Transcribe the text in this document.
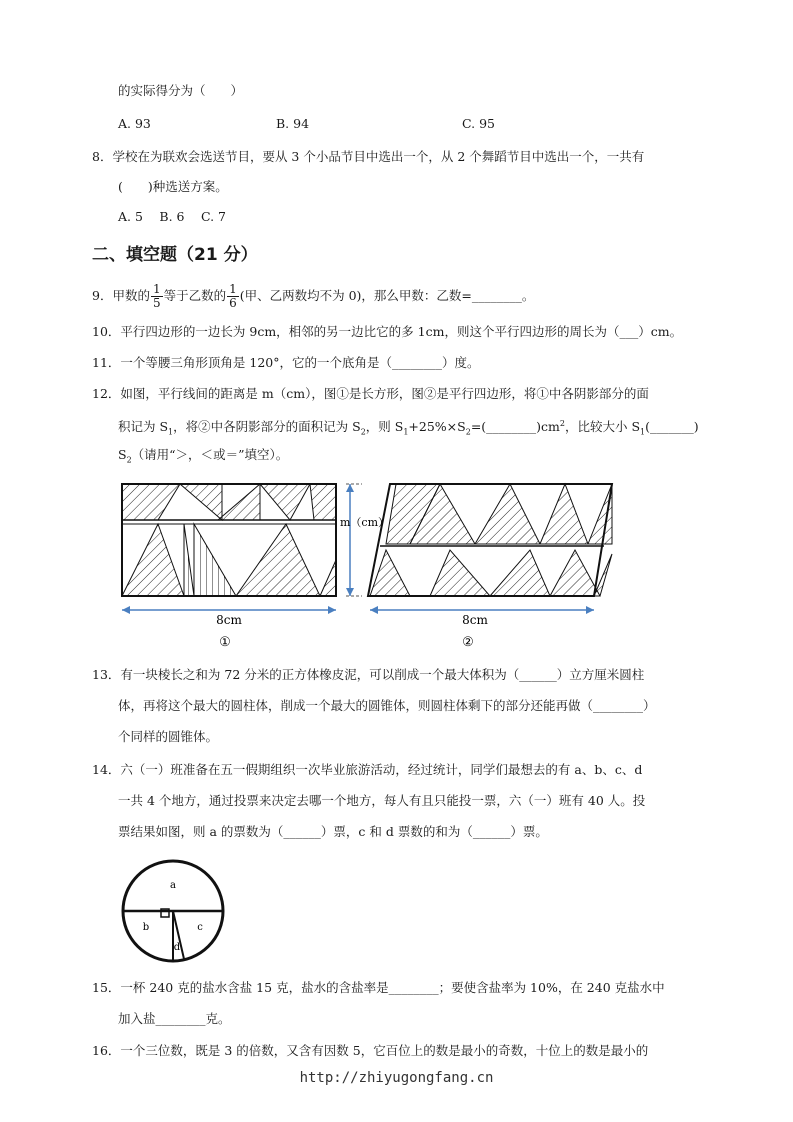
的实际得分为（　　）
A. 93	B. 94	C. 95
8．学校在为联欢会选送节目，要从 3 个小品节目中选出一个，从 2 个舞蹈节目中选出一个，一共有
(　　)种选送方案。
A. 5　 B. 6　 C. 7
二、填空题（21 分）
9．甲数的 $\frac{1}{5}$ 等于乙数的 $\frac{1}{6}$ (甲、乙两数均不为 0)，那么甲数：乙数=________。
10．平行四边形的一边长为 9cm，相邻的另一边比它的多 1cm，则这个平行四边形的周长为（___）cm。
11．一个等腰三角形顶角是 120°，它的一个底角是（________）度。
12．如图，平行线间的距离是 m（cm），图①是长方形，图②是平行四边形，将①中各阴影部分的面
积记为 $S_1$，将②中各阴影部分的面积记为 $S_2$，则 $S_1+25\%\times S_2=(\_\_\_\_\_\_\_\_)cm^2$，比较大小 $S_1(\_\_\_\_\_\_\_)$
$S_2$（请用“＞，＜或＝”填空）。
8cm
①
m（cm）
8cm
②
13．有一块棱长之和为 72 分米的正方体橡皮泥，可以削成一个最大体积为（______）立方厘米圆柱
体，再将这个最大的圆柱体，削成一个最大的圆锥体，则圆柱体剩下的部分还能再做（________）
个同样的圆锥体。
14．六（一）班准备在五一假期组织一次毕业旅游活动，经过统计，同学们最想去的有 a、b、c、d
一共 4 个地方，通过投票来决定去哪一个地方，每人有且只能投一票，六（一）班有 40 人。投
票结果如图，则 a 的票数为（______）票，c 和 d 票数的和为（______）票。
a
b	c
d
15．一杯 240 克的盐水含盐 15 克，盐水的含盐率是________；要使含盐率为 10%，在 240 克盐水中
加入盐________克。
16．一个三位数，既是 3 的倍数，又含有因数 5，它百位上的数是最小的奇数，十位上的数是最小的
http://zhiyugongfang.cn
